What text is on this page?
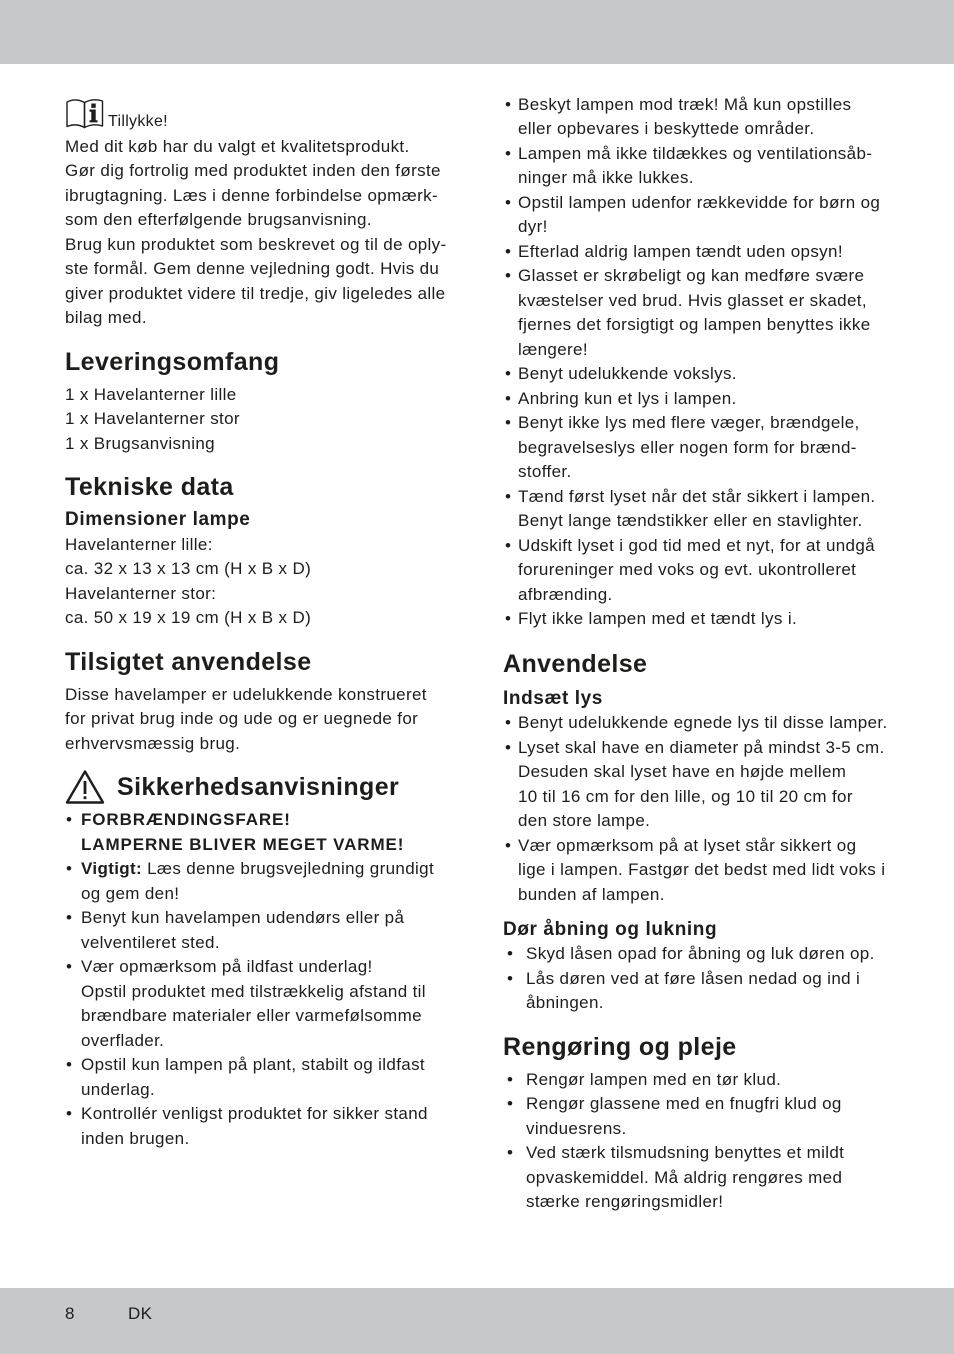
Tillykke!
Med dit køb har du valgt et kvalitetsprodukt.
Gør dig fortrolig med produktet inden den første
ibrugtagning. Læs i denne forbindelse opmærk-
som den efterfølgende brugsanvisning.
Brug kun produktet som beskrevet og til de oply-
ste formål. Gem denne vejledning godt. Hvis du
giver produktet videre til tredje, giv ligeledes alle
bilag med.
Leveringsomfang
1 x Havelanterner lille
1 x Havelanterner stor
1 x Brugsanvisning
Tekniske data
Dimensioner lampe
Havelanterner lille:
ca. 32 x 13 x 13 cm (H x B x D)
Havelanterner stor:
ca. 50 x 19 x 19 cm (H x B x D)
Tilsigtet anvendelse
Disse havelamper er udelukkende konstrueret
for privat brug inde og ude og er uegnede for
erhvervsmæssig brug.
Sikkerhedsanvisninger
• FORBRÆNDINGSFARE!
LAMPERNE BLIVER MEGET VARME!
• Vigtigt: Læs denne brugsvejledning grundigt
og gem den!
• Benyt kun havelampen udendørs eller på
velventileret sted.
• Vær opmærksom på ildfast underlag!
Opstil produktet med tilstrækkelig afstand til
brændbare materialer eller varmefølsomme
overflader.
• Opstil kun lampen på plant, stabilt og ildfast
underlag.
• Kontrollér venligst produktet for sikker stand
inden brugen.
• Beskyt lampen mod træk! Må kun opstilles
eller opbevares i beskyttede områder.
• Lampen må ikke tildækkes og ventilationsåb-
ninger må ikke lukkes.
• Opstil lampen udenfor rækkevidde for børn og
dyr!
• Efterlad aldrig lampen tændt uden opsyn!
• Glasset er skrøbeligt og kan medføre svære
kvæstelser ved brud. Hvis glasset er skadet,
fjernes det forsigtigt og lampen benyttes ikke
længere!
• Benyt udelukkende vokslys.
• Anbring kun et lys i lampen.
• Benyt ikke lys med flere væger, brændgele,
begravelseslys eller nogen form for brænd-
stoffer.
• Tænd først lyset når det står sikkert i lampen.
Benyt lange tændstikker eller en stavlighter.
• Udskift lyset i god tid med et nyt, for at undgå
forureninger med voks og evt. ukontrolleret
afbrænding.
• Flyt ikke lampen med et tændt lys i.
Anvendelse
Indsæt lys
• Benyt udelukkende egnede lys til disse lamper.
• Lyset skal have en diameter på mindst 3-5 cm.
Desuden skal lyset have en højde mellem
10 til 16 cm for den lille, og 10 til 20 cm for
den store lampe.
• Vær opmærksom på at lyset står sikkert og
lige i lampen. Fastgør det bedst med lidt voks i
bunden af lampen.
Dør åbning og lukning
• Skyd låsen opad for åbning og luk døren op.
• Lås døren ved at føre låsen nedad og ind i
åbningen.
Rengøring og pleje
• Rengør lampen med en tør klud.
• Rengør glassene med en fnugfri klud og
vinduesrens.
• Ved stærk tilsmudsning benyttes et mildt
opvaskemiddel. Må aldrig rengøres med
stærke rengøringsmidler!
8	DK
